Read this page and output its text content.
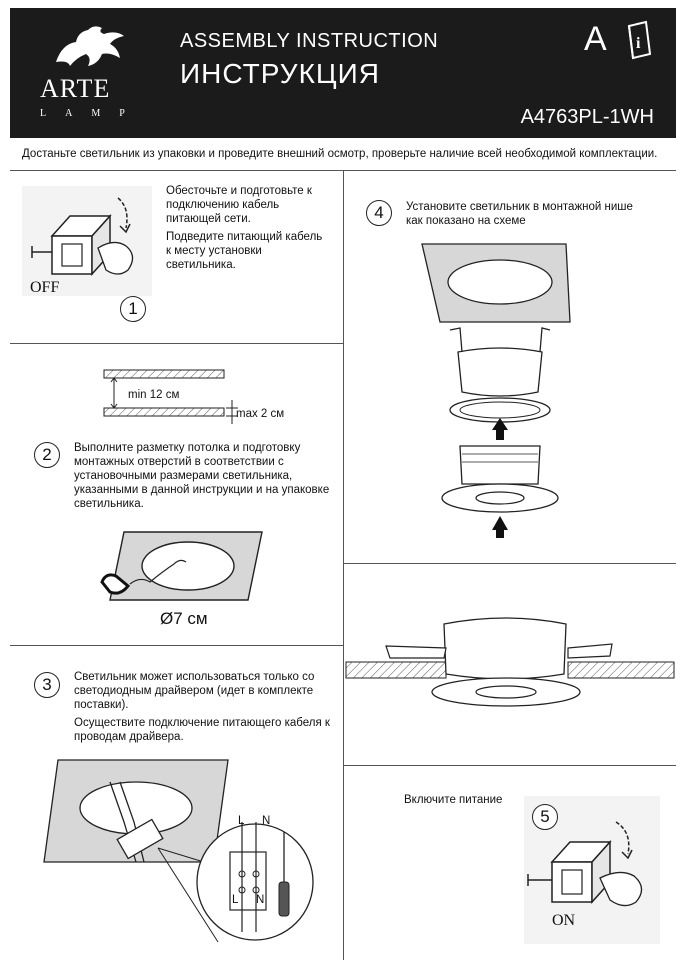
ARTE
LAMP
ASSEMBLY INSTRUCTION
ИНСТРУКЦИЯ
A i
A4763PL-1WH
Достаньте светильник из упаковки и проведите внешний осмотр, проверьте наличие всей необходимой комплектации.
OFF
1

Обесточьте и подготовьте к подключению кабель питающей сети.

Подведите питающий кабель к месту установки светильника.

min 12 см
max 2 см
2	Выполните разметку потолка и подготовку монтажных отверстий в соответствии с установочными размерами светильника, указанными в данной инструкции и на упаковке светильника.
Ø7 см
3	Светильник может использоваться только со светодиодным драйвером (идет в комплекте поставки).

Осуществите подключение питающего кабеля к проводам драйвера.

L N
L N
4	Установите светильник в монтажной нише как показано на схеме
Включите питание
5
ON
